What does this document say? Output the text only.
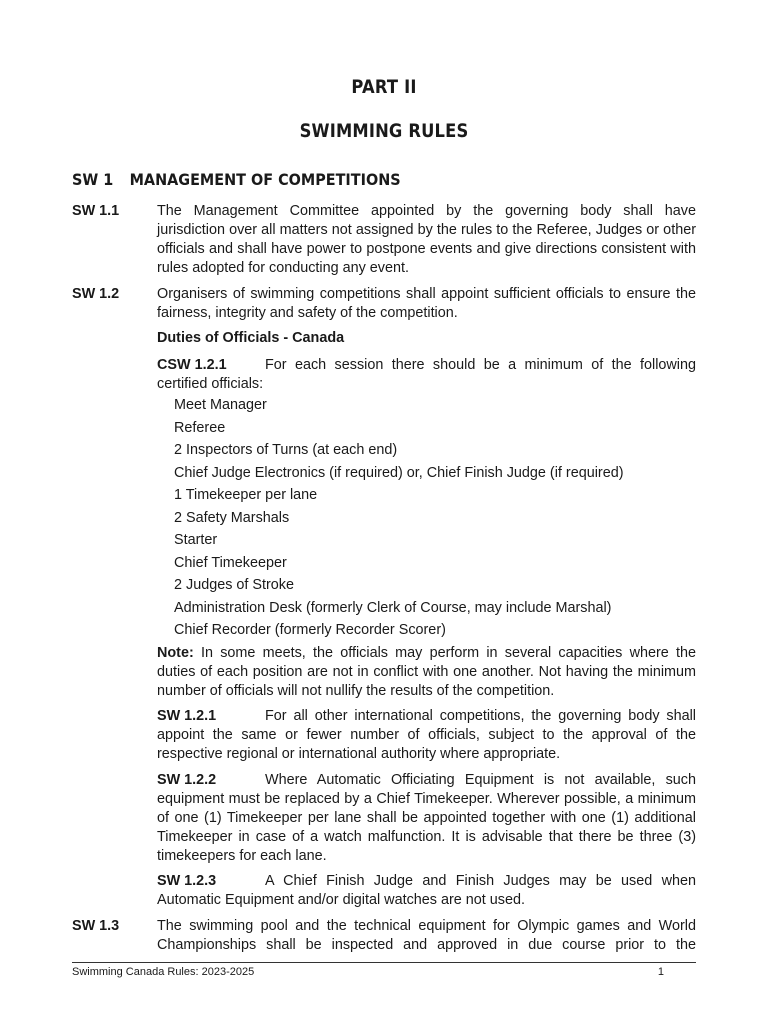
PART II
SWIMMING RULES
SW 1 MANAGEMENT OF COMPETITIONS
SW 1.1	The Management Committee appointed by the governing body shall have jurisdiction over all matters not assigned by the rules to the Referee, Judges or other officials and shall have power to postpone events and give directions consistent with rules adopted for conducting any event.
SW 1.2	Organisers of swimming competitions shall appoint sufficient officials to ensure the fairness, integrity and safety of the competition.
Duties of Officials - Canada
CSW 1.2.1	For each session there should be a minimum of the following certified officials:
Meet Manager
Referee
2 Inspectors of Turns (at each end)
Chief Judge Electronics (if required) or, Chief Finish Judge (if required)
1 Timekeeper per lane
2 Safety Marshals
Starter
Chief Timekeeper
2 Judges of Stroke
Administration Desk (formerly Clerk of Course, may include Marshal)
Chief Recorder (formerly Recorder Scorer)
Note: In some meets, the officials may perform in several capacities where the duties of each position are not in conflict with one another. Not having the minimum number of officials will not nullify the results of the competition.
SW 1.2.1	For all other international competitions, the governing body shall appoint the same or fewer number of officials, subject to the approval of the respective regional or international authority where appropriate.
SW 1.2.2	Where Automatic Officiating Equipment is not available, such equipment must be replaced by a Chief Timekeeper. Wherever possible, a minimum of one (1) Timekeeper per lane shall be appointed together with one (1) additional Timekeeper in case of a watch malfunction. It is advisable that there be three (3) timekeepers for each lane.
SW 1.2.3	A Chief Finish Judge and Finish Judges may be used when Automatic Equipment and/or digital watches are not used.
SW 1.3	The swimming pool and the technical equipment for Olympic games and World Championships shall be inspected and approved in due course prior to the
Swimming Canada Rules: 2023-2025	1
